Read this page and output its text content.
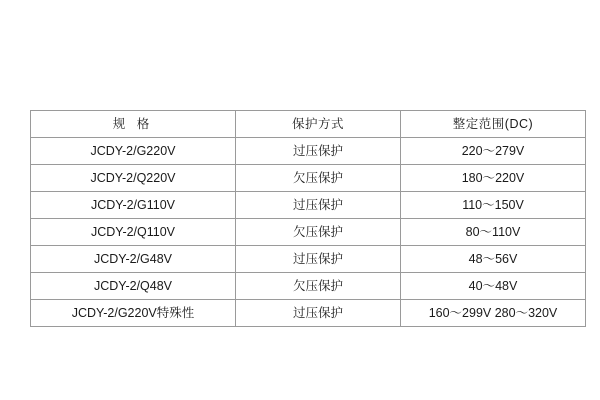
规 格	保护方式	整定范围(DC)
JCDY-2/G220V	过压保护	220～279V
JCDY-2/Q220V	欠压保护	180～220V
JCDY-2/G110V	过压保护	110～150V
JCDY-2/Q110V	欠压保护	80～110V
JCDY-2/G48V	过压保护	48～56V
JCDY-2/Q48V	欠压保护	40～48V
JCDY-2/G220V特殊性	过压保护	160～299V 280～320V
